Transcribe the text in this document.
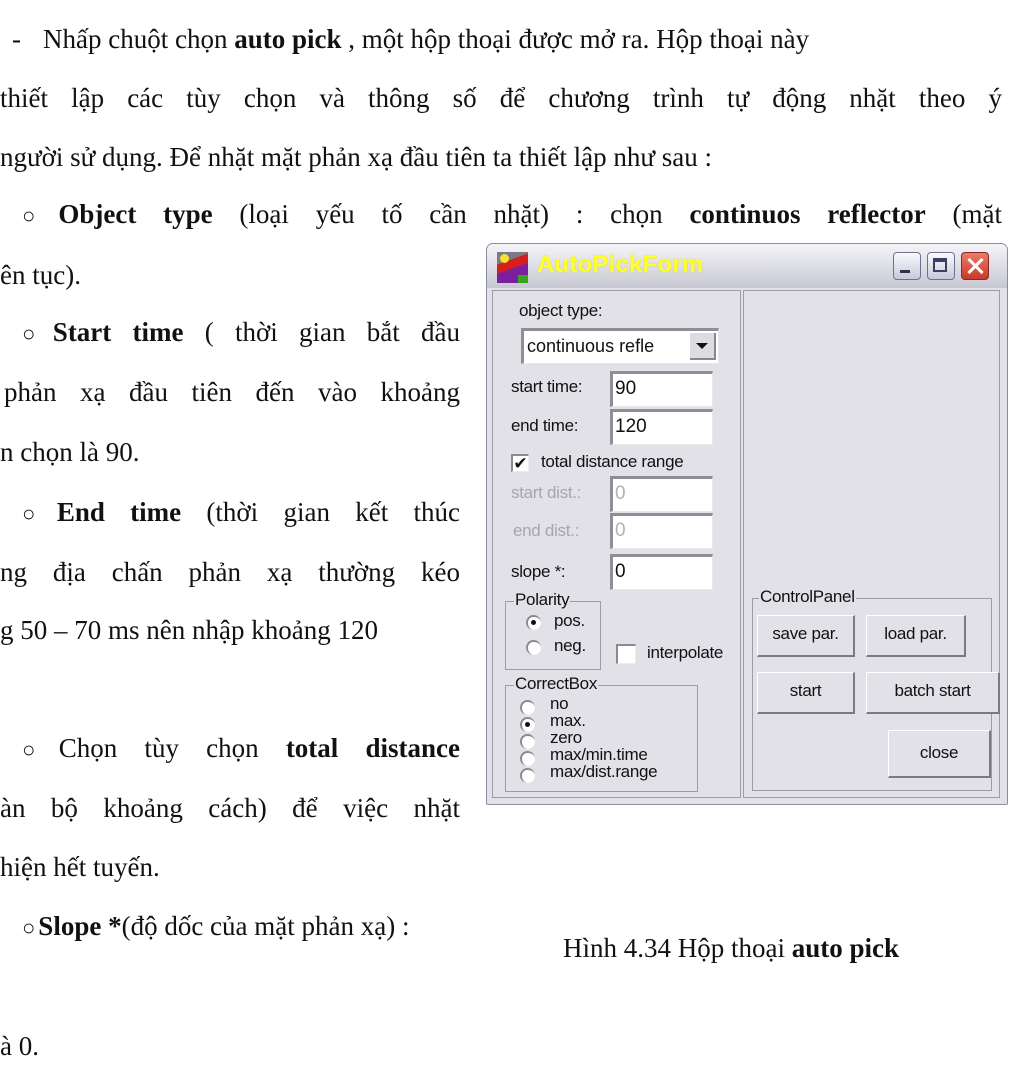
- Nhấp chuột chọn auto pick , một hộp thoại được mở ra. Hộp thoại này
thiết lập các tùy chọn và thông số để chương trình tự động nhặt theo ý
người sử dụng. Để nhặt mặt phản xạ đầu tiên ta thiết lập như sau :
○ Object type (loại yếu tố cần nhặt) : chọn continuos reflector (mặt
ên tục).
○ Start time ( thời gian bắt đầu
phản xạ đầu tiên đến vào khoảng
n chọn là 90.
○ End time (thời gian kết thúc
ng địa chấn phản xạ thường kéo
g 50 – 70 ms nên nhập khoảng 120
○ Chọn tùy chọn total distance
àn bộ khoảng cách) để việc nhặt
hiện hết tuyến.
○ Slope *(độ dốc của mặt phản xạ) :
à 0.
Hình 4.34 Hộp thoại auto pick
AutoPickForm
object type:
continuous refle
start time: 90
end time: 120
✔ total distance range
start dist.: 0
end dist.: 0
slope *:	0
Polarity
pos.
neg.	interpolate
CorrectBox
no
max.
zero
max/min.time
max/dist.range
ControlPanel
save par.	load par.
start	batch start
close
